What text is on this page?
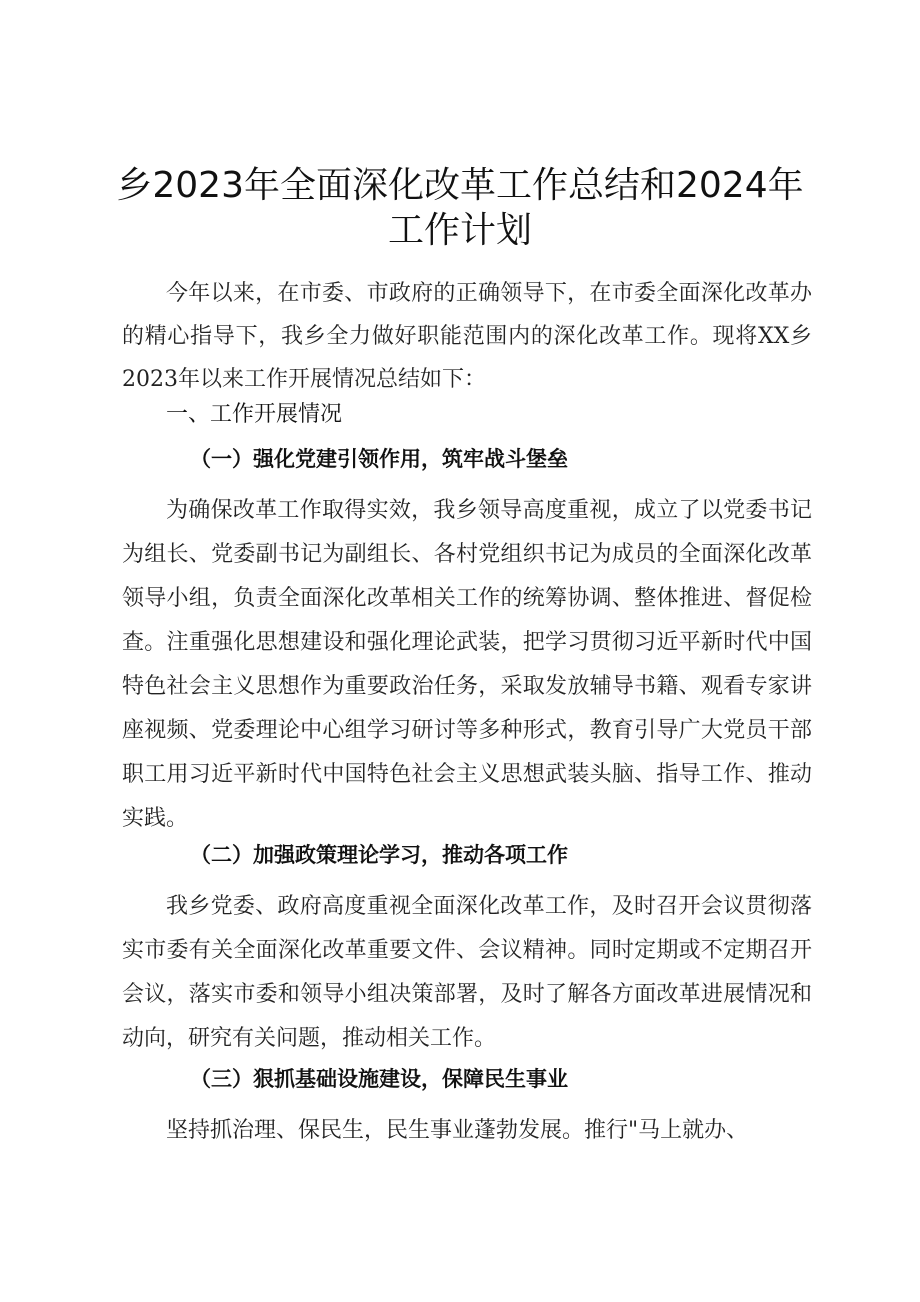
乡2023年全面深化改革工作总结和2024年
工作计划
今年以来，在市委、市政府的正确领导下，在市委全面深化改革办的精心指导下，我乡全力做好职能范围内的深化改革工作。现将XX乡2023年以来工作开展情况总结如下：
一、工作开展情况
（一）强化党建引领作用，筑牢战斗堡垒
为确保改革工作取得实效，我乡领导高度重视，成立了以党委书记为组长、党委副书记为副组长、各村党组织书记为成员的全面深化改革领导小组，负责全面深化改革相关工作的统筹协调、整体推进、督促检查。注重强化思想建设和强化理论武装，把学习贯彻习近平新时代中国特色社会主义思想作为重要政治任务，采取发放辅导书籍、观看专家讲座视频、党委理论中心组学习研讨等多种形式，教育引导广大党员干部职工用习近平新时代中国特色社会主义思想武装头脑、指导工作、推动实践。
（二）加强政策理论学习，推动各项工作
我乡党委、政府高度重视全面深化改革工作，及时召开会议贯彻落实市委有关全面深化改革重要文件、会议精神。同时定期或不定期召开会议，落实市委和领导小组决策部署，及时了解各方面改革进展情况和动向，研究有关问题，推动相关工作。
（三）狠抓基础设施建设，保障民生事业
坚持抓治理、保民生，民生事业蓬勃发展。推行"马上就办、
